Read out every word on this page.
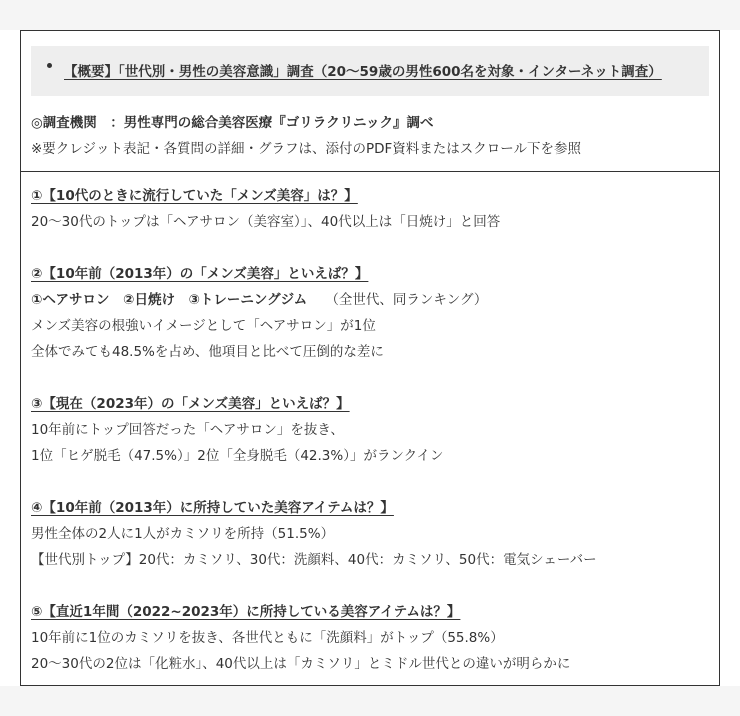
【概要】「世代別・男性の美容意識」調査（20〜59歳の男性600名を対象・インターネット調査）
◎調査機関　：男性専門の総合美容医療『ゴリラクリニック』調べ
※要クレジット表記・各質問の詳細・グラフは、添付のPDF資料またはスクロール下を参照
①【10代のときに流行していた「メンズ美容」は？】
20〜30代のトップは「ヘアサロン（美容室）」、40代以上は「日焼け」と回答
②【10年前（2013年）の「メンズ美容」といえば？】
①ヘアサロン　②日焼け　③トレーニングジム （全世代、同ランキング）
メンズ美容の根強いイメージとして「ヘアサロン」が1位
全体でみても48.5%を占め、他項目と比べて圧倒的な差に
③【現在（2023年）の「メンズ美容」といえば？】
10年前にトップ回答だった「ヘアサロン」を抜き、
1位「ヒゲ脱毛（47.5%）」2位「全身脱毛（42.3%）」がランクイン
④【10年前（2013年）に所持していた美容アイテムは？】
男性全体の2人に1人がカミソリを所持（51.5%）
【世代別トップ】20代：カミソリ、30代：洗顔料、40代：カミソリ、50代：電気シェーバー
⑤【直近1年間（2022~2023年）に所持している美容アイテムは？】
10年前に1位のカミソリを抜き、各世代ともに「洗顔料」がトップ（55.8%）
20〜30代の2位は「化粧水」、40代以上は「カミソリ」とミドル世代との違いが明らかに
